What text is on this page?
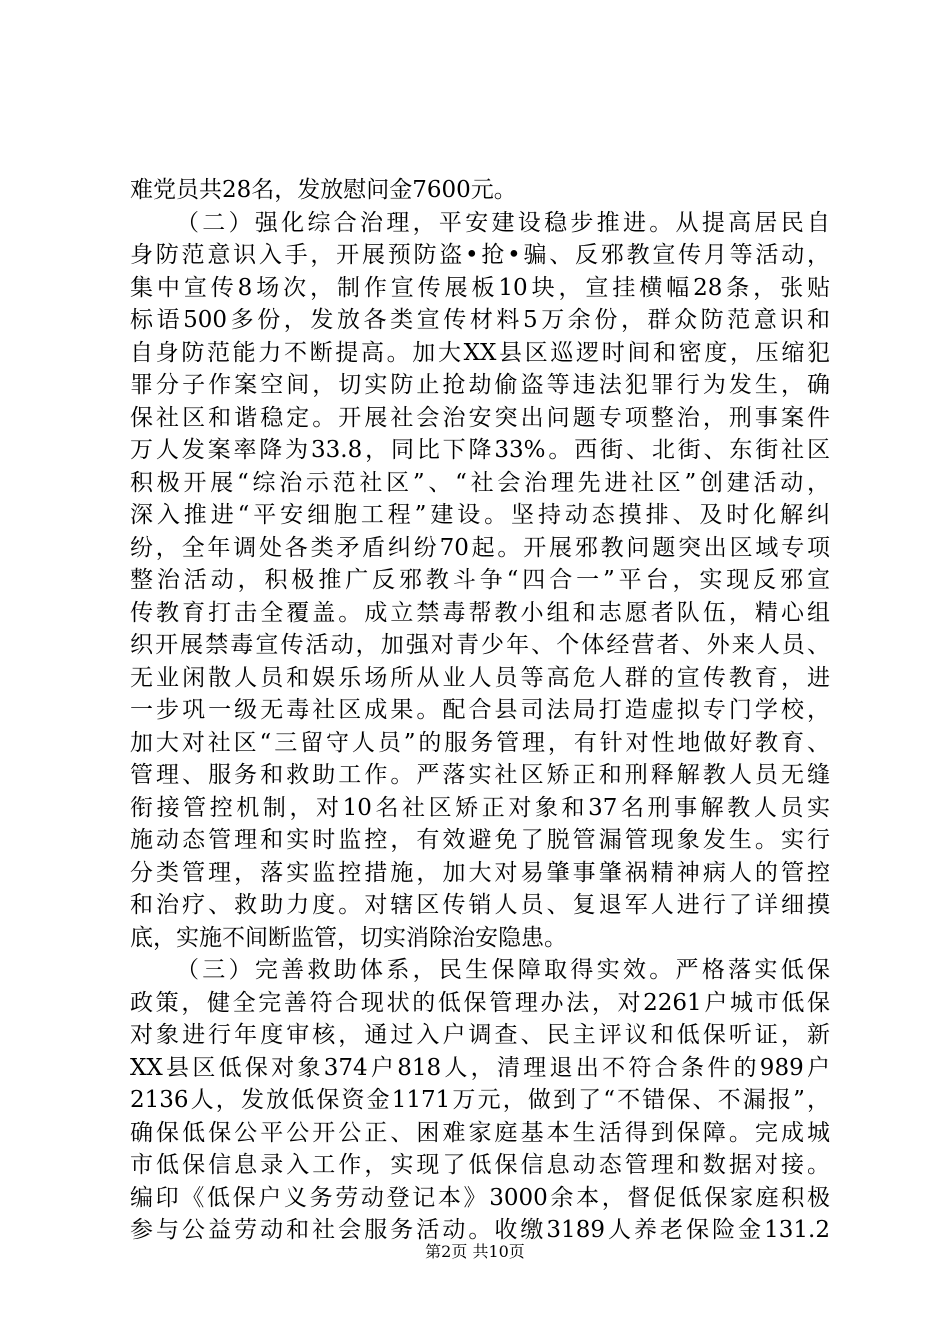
难党员共28名，发放慰问金7600元。
（二）强化综合治理，平安建设稳步推进。从提高居民自
身防范意识入手，开展预防盗•抢•骗、反邪教宣传月等活动，
集中宣传8场次，制作宣传展板10块，宣挂横幅28条，张贴
标语500多份，发放各类宣传材料5万余份，群众防范意识和
自身防范能力不断提高。加大XX县区巡逻时间和密度，压缩犯
罪分子作案空间，切实防止抢劫偷盗等违法犯罪行为发生，确
保社区和谐稳定。开展社会治安突出问题专项整治，刑事案件
万人发案率降为33.8，同比下降33%。西街、北街、东街社区
积极开展“综治示范社区”、“社会治理先进社区”创建活动，
深入推进“平安细胞工程”建设。坚持动态摸排、及时化解纠
纷，全年调处各类矛盾纠纷70起。开展邪教问题突出区域专项
整治活动，积极推广反邪教斗争“四合一”平台，实现反邪宣
传教育打击全覆盖。成立禁毒帮教小组和志愿者队伍，精心组
织开展禁毒宣传活动，加强对青少年、个体经营者、外来人员、
无业闲散人员和娱乐场所从业人员等高危人群的宣传教育，进
一步巩一级无毒社区成果。配合县司法局打造虚拟专门学校，
加大对社区“三留守人员”的服务管理，有针对性地做好教育、
管理、服务和救助工作。严落实社区矫正和刑释解教人员无缝
衔接管控机制，对10名社区矫正对象和37名刑事解教人员实
施动态管理和实时监控，有效避免了脱管漏管现象发生。实行
分类管理，落实监控措施，加大对易肇事肇祸精神病人的管控
和治疗、救助力度。对辖区传销人员、复退军人进行了详细摸
底，实施不间断监管，切实消除治安隐患。
（三）完善救助体系，民生保障取得实效。严格落实低保
政策，健全完善符合现状的低保管理办法，对2261户城市低保
对象进行年度审核，通过入户调查、民主评议和低保听证，新
XX县区低保对象374户818人，清理退出不符合条件的989户
2136人，发放低保资金1171万元，做到了“不错保、不漏报”，
确保低保公平公开公正、困难家庭基本生活得到保障。完成城
市低保信息录入工作，实现了低保信息动态管理和数据对接。
编印《低保户义务劳动登记本》3000余本，督促低保家庭积极
参与公益劳动和社会服务活动。收缴3189人养老保险金131.2
第2页 共10页
